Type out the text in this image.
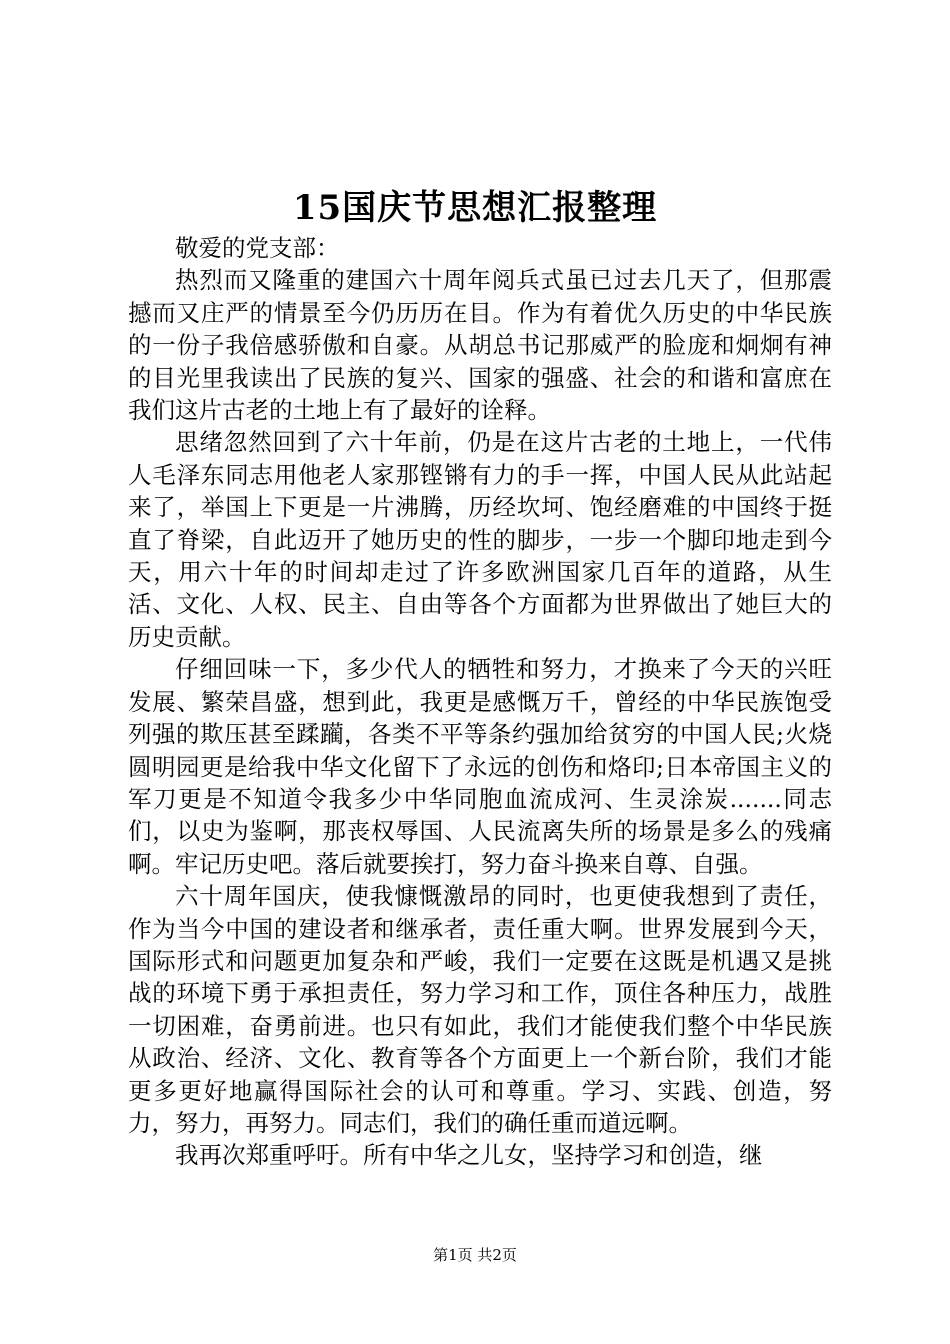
15国庆节思想汇报整理

敬爱的党支部：

热烈而又隆重的建国六十周年阅兵式虽已过去几天了，但那震撼而又庄严的情景至今仍历历在目。作为有着优久历史的中华民族的一份子我倍感骄傲和自豪。从胡总书记那威严的脸庞和炯炯有神的目光里我读出了民族的复兴、国家的强盛、社会的和谐和富庶在我们这片古老的土地上有了最好的诠释。

思绪忽然回到了六十年前，仍是在这片古老的土地上，一代伟人毛泽东同志用他老人家那铿锵有力的手一挥，中国人民从此站起来了，举国上下更是一片沸腾，历经坎坷、饱经磨难的中国终于挺直了脊梁，自此迈开了她历史的性的脚步，一步一个脚印地走到今天，用六十年的时间却走过了许多欧洲国家几百年的道路，从生活、文化、人权、民主、自由等各个方面都为世界做出了她巨大的历史贡献。

仔细回味一下，多少代人的牺牲和努力，才换来了今天的兴旺发展、繁荣昌盛，想到此，我更是感慨万千，曾经的中华民族饱受列强的欺压甚至蹂躏，各类不平等条约强加给贫穷的中国人民;火烧圆明园更是给我中华文化留下了永远的创伤和烙印;日本帝国主义的军刀更是不知道令我多少中华同胞血流成河、生灵涂炭.......同志们，以史为鉴啊，那丧权辱国、人民流离失所的场景是多么的残痛啊。牢记历史吧。落后就要挨打，努力奋斗换来自尊、自强。

六十周年国庆，使我慷慨激昂的同时，也更使我想到了责任，作为当今中国的建设者和继承者，责任重大啊。世界发展到今天，国际形式和问题更加复杂和严峻，我们一定要在这既是机遇又是挑战的环境下勇于承担责任，努力学习和工作，顶住各种压力，战胜一切困难，奋勇前进。也只有如此，我们才能使我们整个中华民族从政治、经济、文化、教育等各个方面更上一个新台阶，我们才能更多更好地赢得国际社会的认可和尊重。学习、实践、创造，努力，努力，再努力。同志们，我们的确任重而道远啊。

我再次郑重呼吁。所有中华之儿女，坚持学习和创造，继

第1页 共2页
